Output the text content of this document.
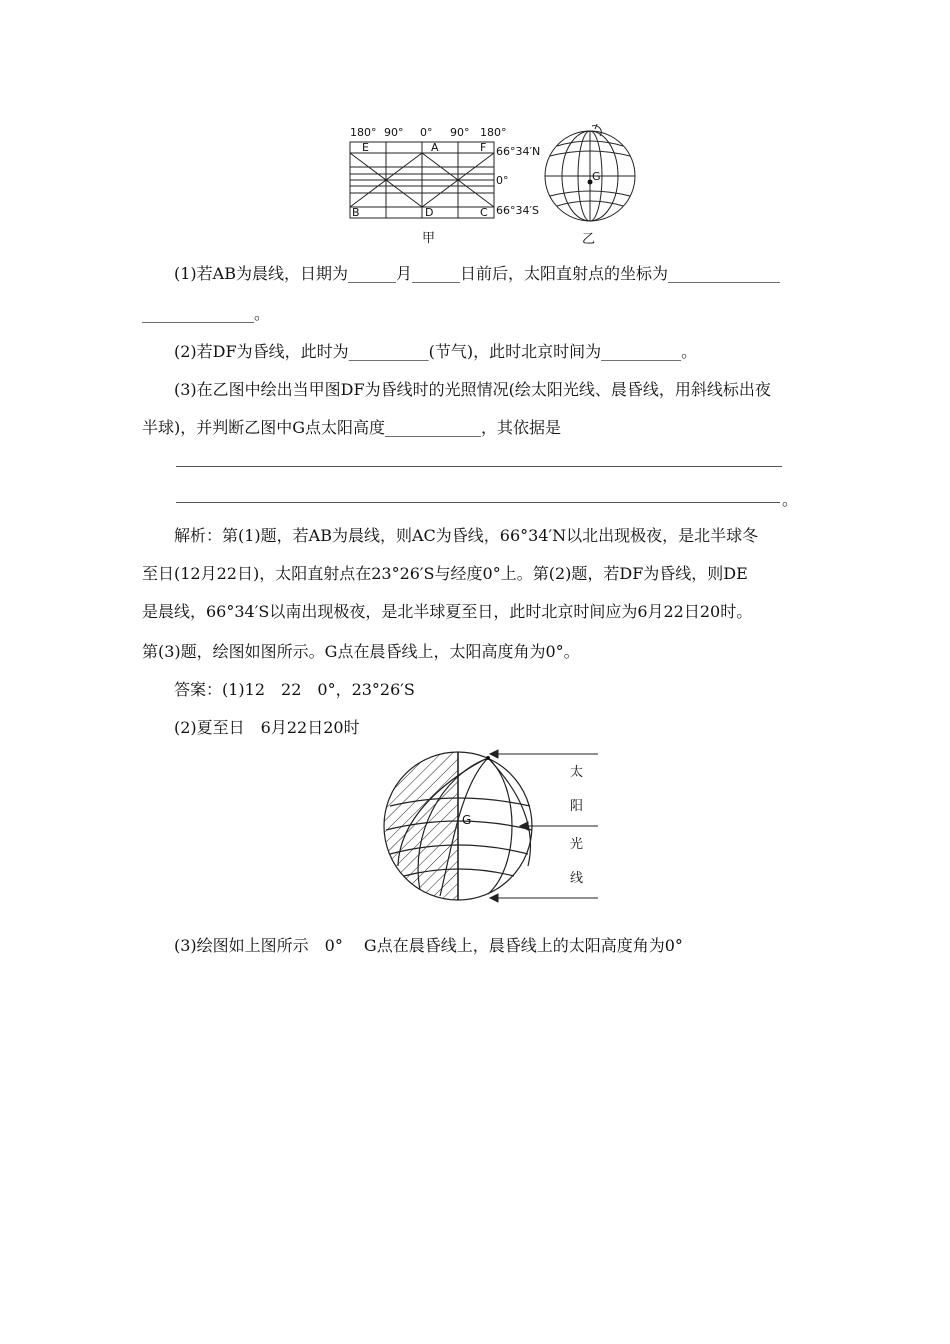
180° 90° 0° 90° 180°
E	A	F
B	D	C
66°34′N
0°
66°34′S
甲
G
乙
(1)若AB为晨线，日期为______月______日前后，太阳直射点的坐标为______________
______________。
(2)若DF为昏线，此时为__________(节气)，此时北京时间为__________。
(3)在乙图中绘出当甲图DF为昏线时的光照情况(绘太阳光线、晨昏线，用斜线标出夜
半球)，并判断乙图中G点太阳高度____________，其依据是
。
解析：第(1)题，若AB为晨线，则AC为昏线，66°34′N以北出现极夜，是北半球冬
至日(12月22日)，太阳直射点在23°26′S与经度0°上。第(2)题，若DF为昏线，则DE
是晨线，66°34′S以南出现极夜，是北半球夏至日，此时北京时间应为6月22日20时。
第(3)题，绘图如图所示。G点在晨昏线上，太阳高度角为0°。
答案：(1)12　22　0°，23°26′S
(2)夏至日　6月22日20时
G
太
阳
光
线
(3)绘图如上图所示　0°　 G点在晨昏线上，晨昏线上的太阳高度角为0°
